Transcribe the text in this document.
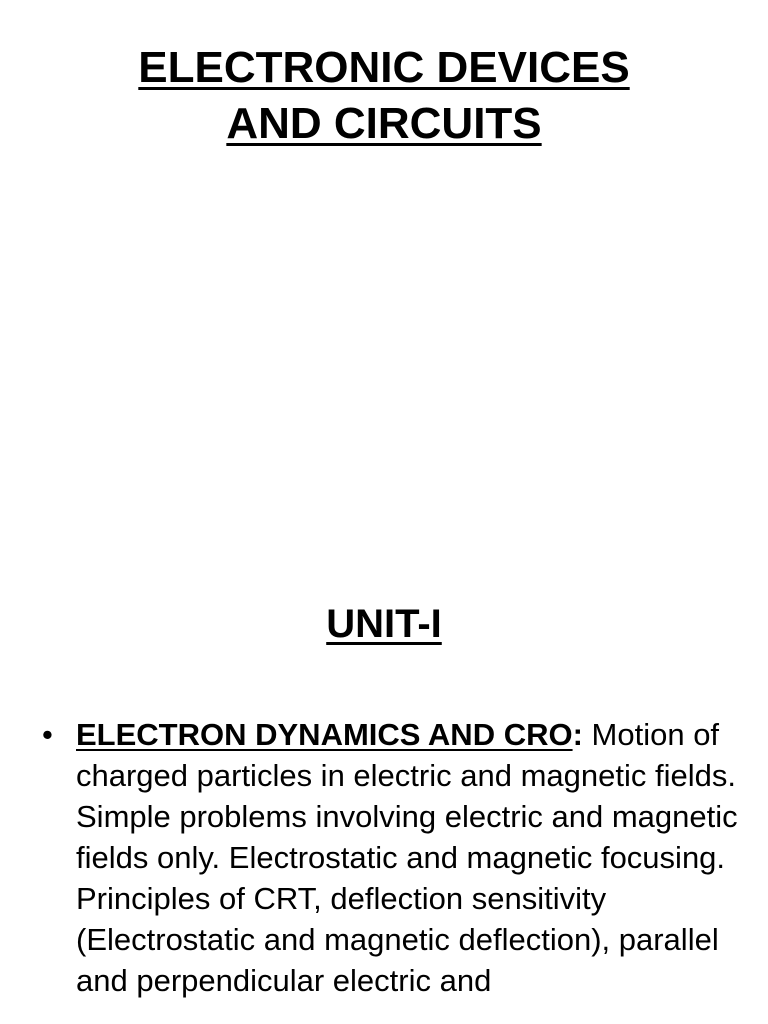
ELECTRONIC DEVICES
AND CIRCUITS
UNIT-I
• ELECTRON DYNAMICS AND CRO: Motion of charged particles in electric and magnetic fields. Simple problems involving electric and magnetic fields only. Electrostatic and magnetic focusing. Principles of CRT, deflection sensitivity (Electrostatic and magnetic deflection), parallel and perpendicular electric and
